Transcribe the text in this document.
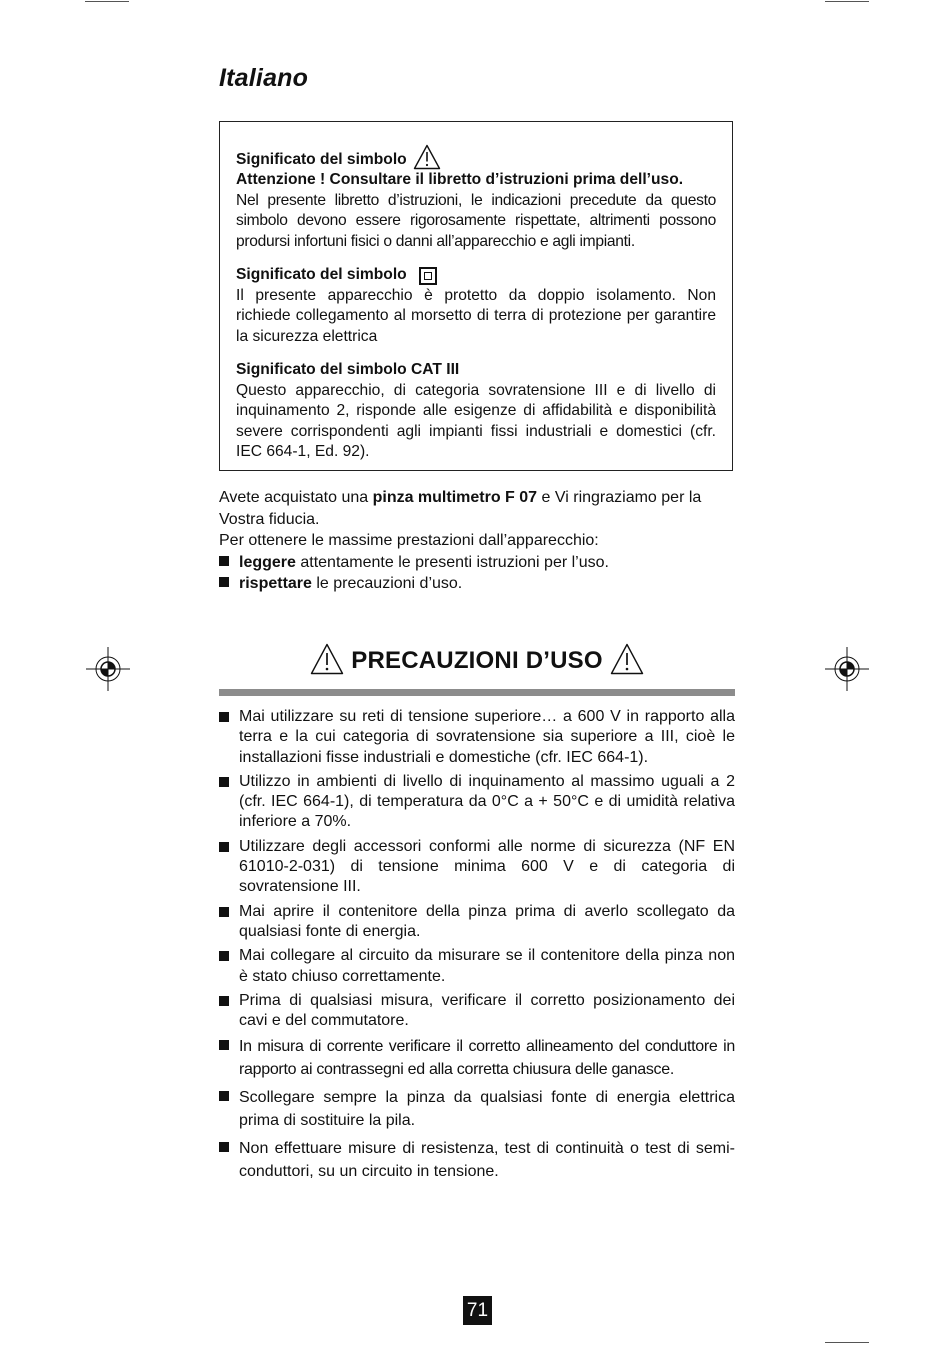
Italiano
Significato del simbolo

Attenzione ! Consultare il libretto d’istruzioni prima dell’uso.

Nel presente libretto d’istruzioni, le indicazioni precedute da questo simbolo devono essere rigorosamente rispettate, altrimenti possono prodursi infortuni fisici o danni all’apparecchio e agli impianti.

Significato del simbolo

Il presente apparecchio è protetto da doppio isolamento. Non richiede collegamento al morsetto di terra di protezione per garantire la sicurezza elettrica

Significato del simbolo CAT III

Questo apparecchio, di categoria sovratensione III e di livello di inquinamento 2, risponde alle esigenze di affidabilità e disponibilità severe corrispondenti agli impianti fissi industriali e domestici (cfr. IEC 664-1, Ed. 92).

Avete acquistato una pinza multimetro F 07 e Vi ringraziamo per la Vostra fiducia.

Per ottenere le massime prestazioni dall’apparecchio:

leggere attentamente le presenti istruzioni per l’uso.
rispettare le precauzioni d’uso.
PRECAUZIONI D’USO

Mai utilizzare su reti di tensione superiore… a 600 V in rapporto alla terra e la cui categoria di sovratensione sia superiore a III, cioè le installazioni fisse industriali e domestiche (cfr. IEC 664-1).

Utilizzo in ambienti di livello di inquinamento al massimo uguali a 2 (cfr. IEC 664-1), di temperatura da 0°C a + 50°C e di umidità relativa inferiore a 70%.

Utilizzare degli accessori conformi alle norme di sicurezza (NF EN 61010-2-031) di tensione minima 600 V e di categoria di sovratensione III.

Mai aprire il contenitore della pinza prima di averlo scollegato da qualsiasi fonte di energia.

Mai collegare al circuito da misurare se il contenitore della pinza non è stato chiuso correttamente.

Prima di qualsiasi misura, verificare il corretto posizionamento dei cavi e del commutatore.

In misura di corrente verificare il corretto allineamento del conduttore in rapporto ai contrassegni ed alla corretta chiusura delle ganasce.

Scollegare sempre la pinza da qualsiasi fonte di energia elettrica prima di sostituire la pila.

Non effettuare misure di resistenza, test di continuità o test di semi-conduttori, su un circuito in tensione.

71
